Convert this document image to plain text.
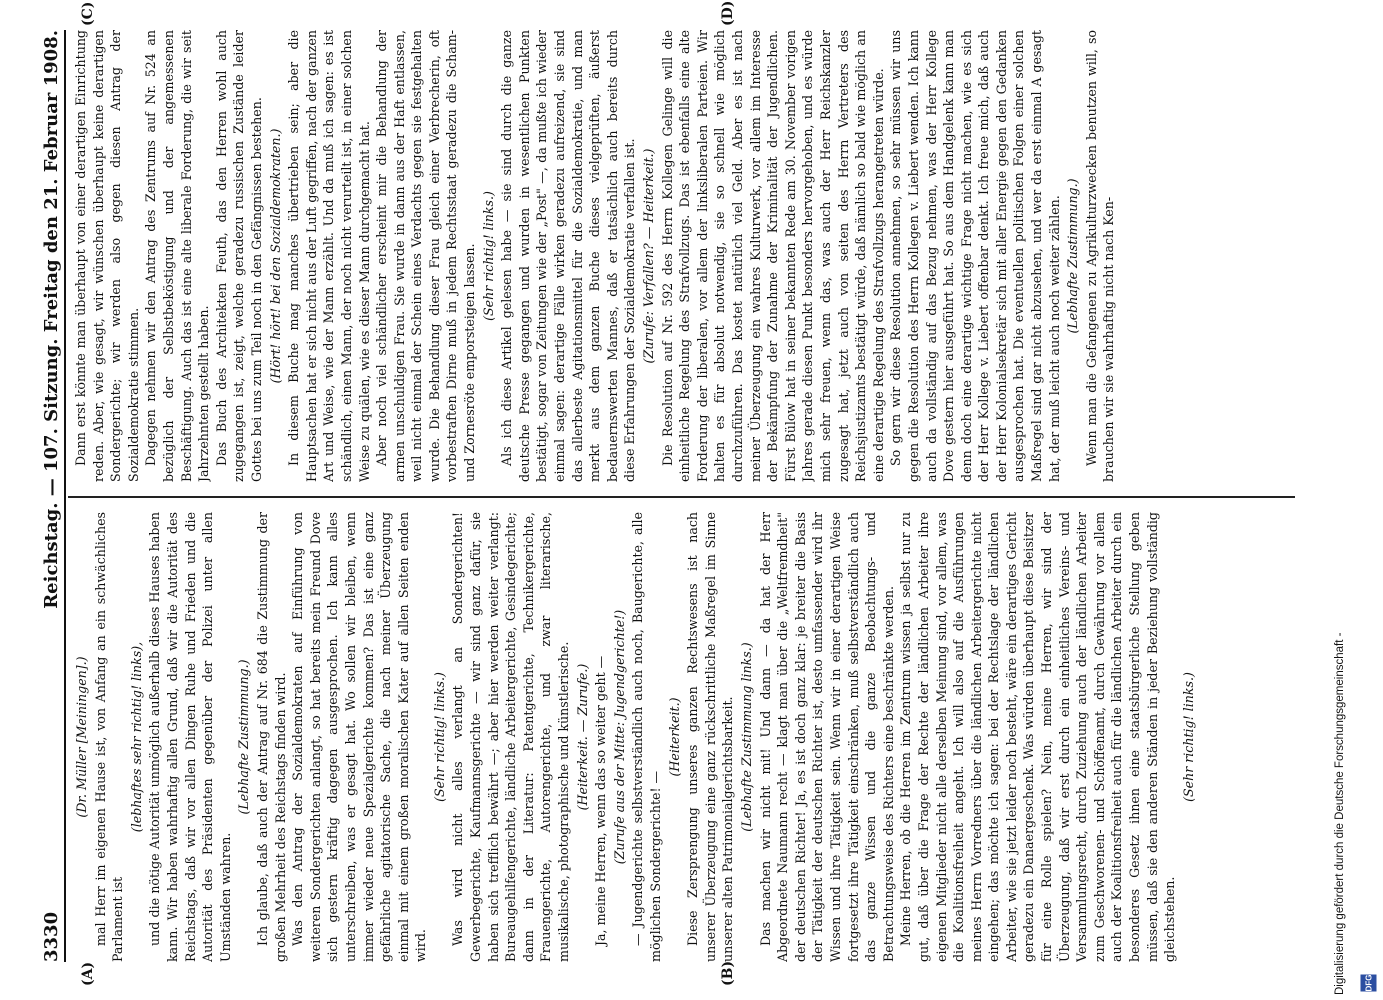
3330
Reichstag. — 107. Sitzung. Freitag den 21. Februar 1908.
(A)	(B)
(C)	(D)

(Dr. Müller [Meiningen].) mal Herr im eigenen Hause ist, von Anfang an ein schwächliches Parlament ist

(lebhaftes sehr richtig! links), und die nötige Autorität unmöglich außerhalb dieses Hauses haben kann. Wir haben wahrhaftig allen Grund, daß wir die Autorität des Reichstags, daß wir vor allen Dingen Ruhe und Frieden und die Autorität des Präsidenten gegenüber der Polizei unter allen Umständen wahren.

(Lebhafte Zustimmung.) Ich glaube, daß auch der Antrag auf Nr. 684 die Zustimmung der großen Mehrheit des Reichstags finden wird. Was den Antrag der Sozialdemokraten auf Einführung von weiteren Sondergerichten anlangt, so hat bereits mein Freund Dove sich gestern kräftig dagegen ausgesprochen. Ich kann alles unterschreiben, was er gesagt hat. Wo sollen wir bleiben, wenn immer wieder neue Spezialgerichte kommen? Das ist eine ganz gefährliche agitatorische Sache, die nach meiner Überzeugung einmal mit einem großen moralischen Kater auf allen Seiten enden wird.

(Sehr richtig! links.) Was wird nicht alles verlangt an Sondergerichten! Gewerbegerichte, Kaufmannsgerichte — wir sind ganz dafür, sie haben sich trefflich bewährt —; aber hier werden weiter verlangt: Bureaugehilfengerichte, ländliche Arbeitergerichte, Gesindegerichte; dann in der Literatur: Patentgerichte, Technikergerichte, Frauengerichte, Autorengerichte, und zwar literarische, musikalische, photographische und künstlerische. (Heiterkeit. — Zurufe.) Ja, meine Herren, wenn das so weiter geht — (Zurufe aus der Mitte: Jugendgerichte!) — Jugendgerichte selbstverständlich auch noch, Baugerichte, alle möglichen Sondergerichte! —

(Heiterkeit.) Diese Zersprengung unseres ganzen Rechtswesens ist nach unserer Überzeugung eine ganz rückschrittliche Maßregel im Sinne unserer alten Patrimonialgerichtsbarkeit. (Lebhafte Zustimmung links.) Das machen wir nicht mit! Und dann — da hat der Herr Abgeordnete Naumann recht — klagt man über die „Weltfremdheit" der deutschen Richter! Ja, es ist doch ganz klar: je breiter die Basis der Tätigkeit der deutschen Richter ist, desto umfassender wird ihr Wissen und ihre Tätigkeit sein. Wenn wir in einer derartigen Weise fortgesetzt ihre Tätigkeit einschränken, muß selbstverständlich auch das ganze Wissen und die ganze Beobachtungs- und Betrachtungsweise des Richters eine beschränkte werden. Meine Herren, ob die Herren im Zentrum wissen ja selbst nur zu gut, daß über die Frage der Rechte der ländlichen Arbeiter ihre eigenen Mitglieder nicht alle derselben Meinung sind, vor allem, was die Koalitionsfreiheit angeht. Ich will also auf die Ausführungen meines Herrn Vorredners über die ländlichen Arbeitergerichte nicht eingehen; das möchte ich sagen: bei der Rechtslage der ländlichen Arbeiter, wie sie jetzt leider noch besteht, wäre ein derartiges Gericht geradezu ein Danaergeschenk. Was würden überhaupt diese Beisitzer für eine Rolle spielen? Nein, meine Herren, wir sind der Überzeugung, daß wir erst durch ein einheitliches Vereins- und Versammlungsrecht, durch Zuziehung auch der ländlichen Arbeiter zum Geschworenen- und Schöffenamt, durch Gewährung vor allem auch der Koalitionsfreiheit auch für die ländlichen Arbeiter durch ein besonderes Gesetz ihnen eine staatsbürgerliche Stellung geben müssen, daß sie den anderen Ständen in jeder Beziehung vollständig gleichstehen.

(Sehr richtig! links.)

Dann erst könnte man überhaupt von einer derartigen Einrichtung reden. Aber, wie gesagt, wir wünschen überhaupt keine derartigen Sondergerichte; wir werden also gegen diesen Antrag der Sozialdemokratie stimmen. Dagegen nehmen wir den Antrag des Zentrums auf Nr. 524 an bezüglich der Selbstbeköstigung und der angemessenen Beschäftigung. Auch das ist eine alte liberale Forderung, die wir seit Jahrzehnten gestellt haben. Das Buch des Architekten Feuth, das den Herren wohl auch zugegangen ist, zeigt, welche geradezu russischen Zustände leider Gottes bei uns zum Teil noch in den Gefängnissen bestehen. (Hört! hört! bei den Sozialdemokraten.) In diesem Buche mag manches übertrieben sein; aber die Hauptsachen hat er sich nicht aus der Luft gegriffen, nach der ganzen Art und Weise, wie der Mann erzählt. Und da muß ich sagen: es ist schändlich, einen Mann, der noch nicht verurteilt ist, in einer solchen Weise zu quälen, wie es dieser Mann durchgemacht hat. Aber noch viel schändlicher erscheint mir die Behandlung der armen unschuldigen Frau. Sie wurde in dann aus der Haft entlassen, weil nicht einmal der Schein eines Verdachts gegen sie festgehalten wurde. Die Behandlung dieser Frau gleich einer Verbrecherin, oft vorbestraften Dirne muß in jedem Rechtsstaat geradezu die Scham- und Zornesröte emporsteigen lassen. (Sehr richtig! links.) Als ich diese Artikel gelesen habe — sie sind durch die ganze deutsche Presse gegangen und wurden in wesentlichen Punkten bestätigt, sogar von Zeitungen wie der „Post" —, da mußte ich wieder einmal sagen: derartige Fälle wirken geradezu aufreizend, sie sind das allerbeste Agitationsmittel für die Sozialdemokratie, und man merkt aus dem ganzen Buche dieses vielgeprüften, äußerst bedauernswerten Mannes, daß er tatsächlich auch bereits durch diese Erfahrungen der Sozialdemokratie verfallen ist. (Zurufe: Verfallen? — Heiterkeit.) Die Resolution auf Nr. 592 des Herrn Kollegen Gelinge will die einheitliche Regelung des Strafvollzugs. Das ist ebenfalls eine alte Forderung der liberalen, vor allem der linksliberalen Parteien. Wir halten es für absolut notwendig, sie so schnell wie möglich durchzuführen. Das kostet natürlich viel Geld. Aber es ist nach meiner Überzeugung ein wahres Kulturwerk, vor allem im Interesse der Bekämpfung der Zunahme der Kriminalität der Jugendlichen. Fürst Bülow hat in seiner bekannten Rede am 30. November vorigen Jahres gerade diesen Punkt besonders hervorgehoben, und es würde mich sehr freuen, wenn das, was auch der Herr Reichskanzler zugesagt hat, jetzt auch von seiten des Herrn Vertreters des Reichsjustizamts bestätigt würde, daß nämlich so bald wie möglich an eine derartige Regelung des Strafvollzugs herangetreten würde. So gern wir diese Resolution annehmen, so sehr müssen wir uns gegen die Resolution des Herrn Kollegen v. Liebert wenden. Ich kann auch da vollständig auf das Bezug nehmen, was der Herr Kollege Dove gestern hier ausgeführt hat. So aus dem Handgelenk kann man denn doch eine derartige wichtige Frage nicht machen, wie es sich der Herr Kollege v. Liebert offenbar denkt. Ich freue mich, daß auch der Herr Kolonialsekretär sich mit aller Energie gegen den Gedanken ausgesprochen hat. Die eventuellen politischen Folgen einer solchen Maßregel sind gar nicht abzusehen, und wer da erst einmal A gesagt hat, der muß leicht auch noch weiter zählen. (Lebhafte Zustimmung.) Wenn man die Gefangenen zu Agrikulturzwecken benutzen will, so brauchen wir sie wahrhaftig nicht nach Ken-

Digitalisierung gefördert durch die Deutsche Forschungsgemeinschaft -	DFG
